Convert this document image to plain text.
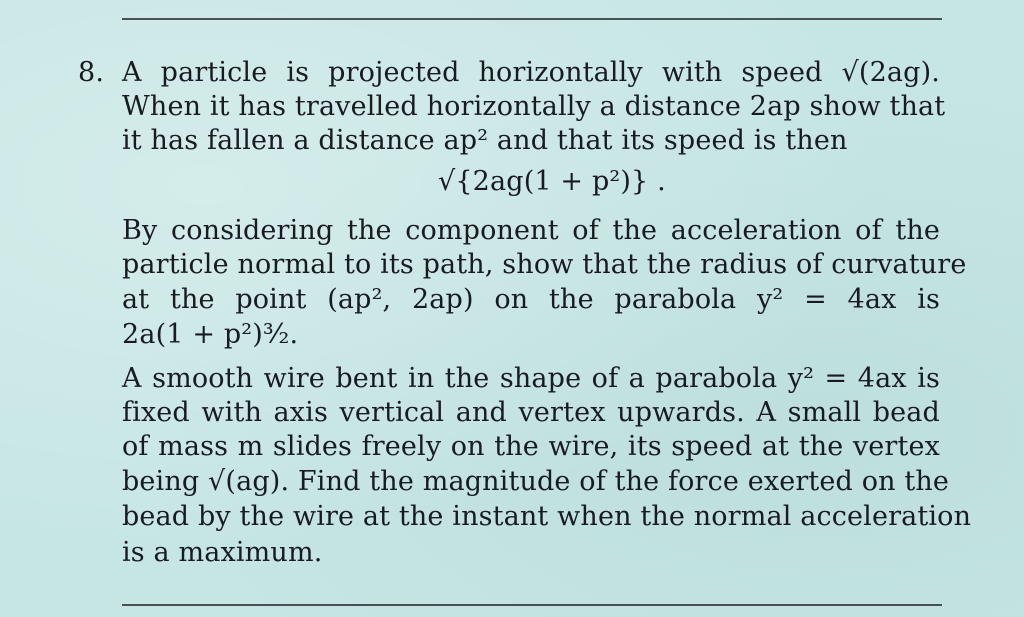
8. A particle is projected horizontally with speed √(2ag).
When it has travelled horizontally a distance 2ap show that
it has fallen a distance ap² and that its speed is then
√{2ag(1 + p²)} .
By considering the component of the acceleration of the
particle normal to its path, show that the radius of curvature
at the point (ap², 2ap) on the parabola y² = 4ax is
2a(1 + p²)³⁄₂.
A smooth wire bent in the shape of a parabola y² = 4ax is
fixed with axis vertical and vertex upwards. A small bead
of mass m slides freely on the wire, its speed at the vertex
being √(ag). Find the magnitude of the force exerted on the
bead by the wire at the instant when the normal acceleration
is a maximum.
